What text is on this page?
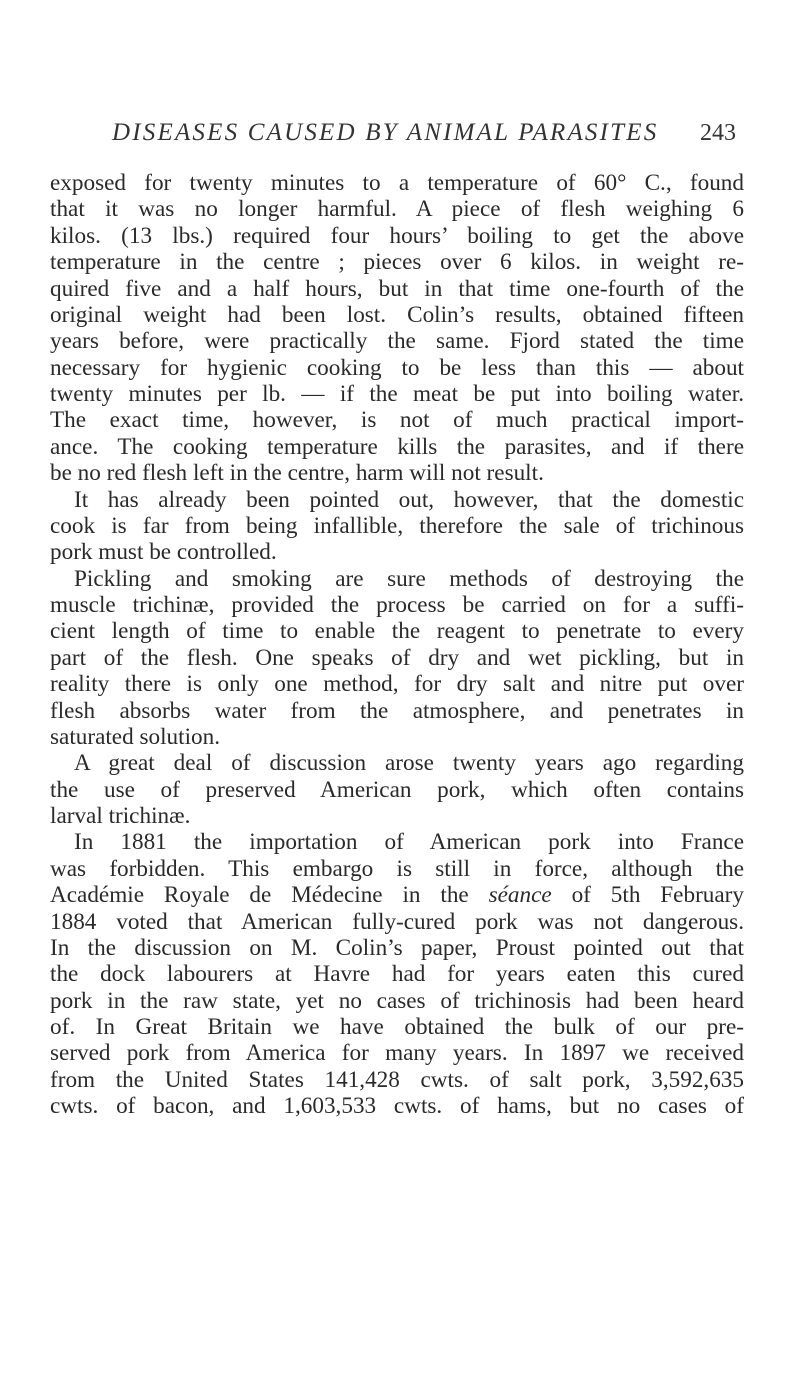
DISEASES CAUSED BY ANIMAL PARASITES 243
exposed for twenty minutes to a temperature of 60° C., found
that it was no longer harmful. A piece of flesh weighing 6
kilos. (13 lbs.) required four hours’ boiling to get the above
temperature in the centre ; pieces over 6 kilos. in weight re-
quired five and a half hours, but in that time one-fourth of the
original weight had been lost. Colin’s results, obtained fifteen
years before, were practically the same. Fjord stated the time
necessary for hygienic cooking to be less than this — about
twenty minutes per lb. — if the meat be put into boiling water.
The exact time, however, is not of much practical import-
ance. The cooking temperature kills the parasites, and if there
be no red flesh left in the centre, harm will not result.
It has already been pointed out, however, that the domestic
cook is far from being infallible, therefore the sale of trichinous
pork must be controlled.
Pickling and smoking are sure methods of destroying the
muscle trichinæ, provided the process be carried on for a suffi-
cient length of time to enable the reagent to penetrate to every
part of the flesh. One speaks of dry and wet pickling, but in
reality there is only one method, for dry salt and nitre put over
flesh absorbs water from the atmosphere, and penetrates in
saturated solution.
A great deal of discussion arose twenty years ago regarding
the use of preserved American pork, which often contains
larval trichinæ.
In 1881 the importation of American pork into France
was forbidden. This embargo is still in force, although the
Académie Royale de Médecine in the séance of 5th February
1884 voted that American fully-cured pork was not dangerous.
In the discussion on M. Colin’s paper, Proust pointed out that
the dock labourers at Havre had for years eaten this cured
pork in the raw state, yet no cases of trichinosis had been heard
of. In Great Britain we have obtained the bulk of our pre-
served pork from America for many years. In 1897 we received
from the United States 141,428 cwts. of salt pork, 3,592,635
cwts. of bacon, and 1,603,533 cwts. of hams, but no cases of
